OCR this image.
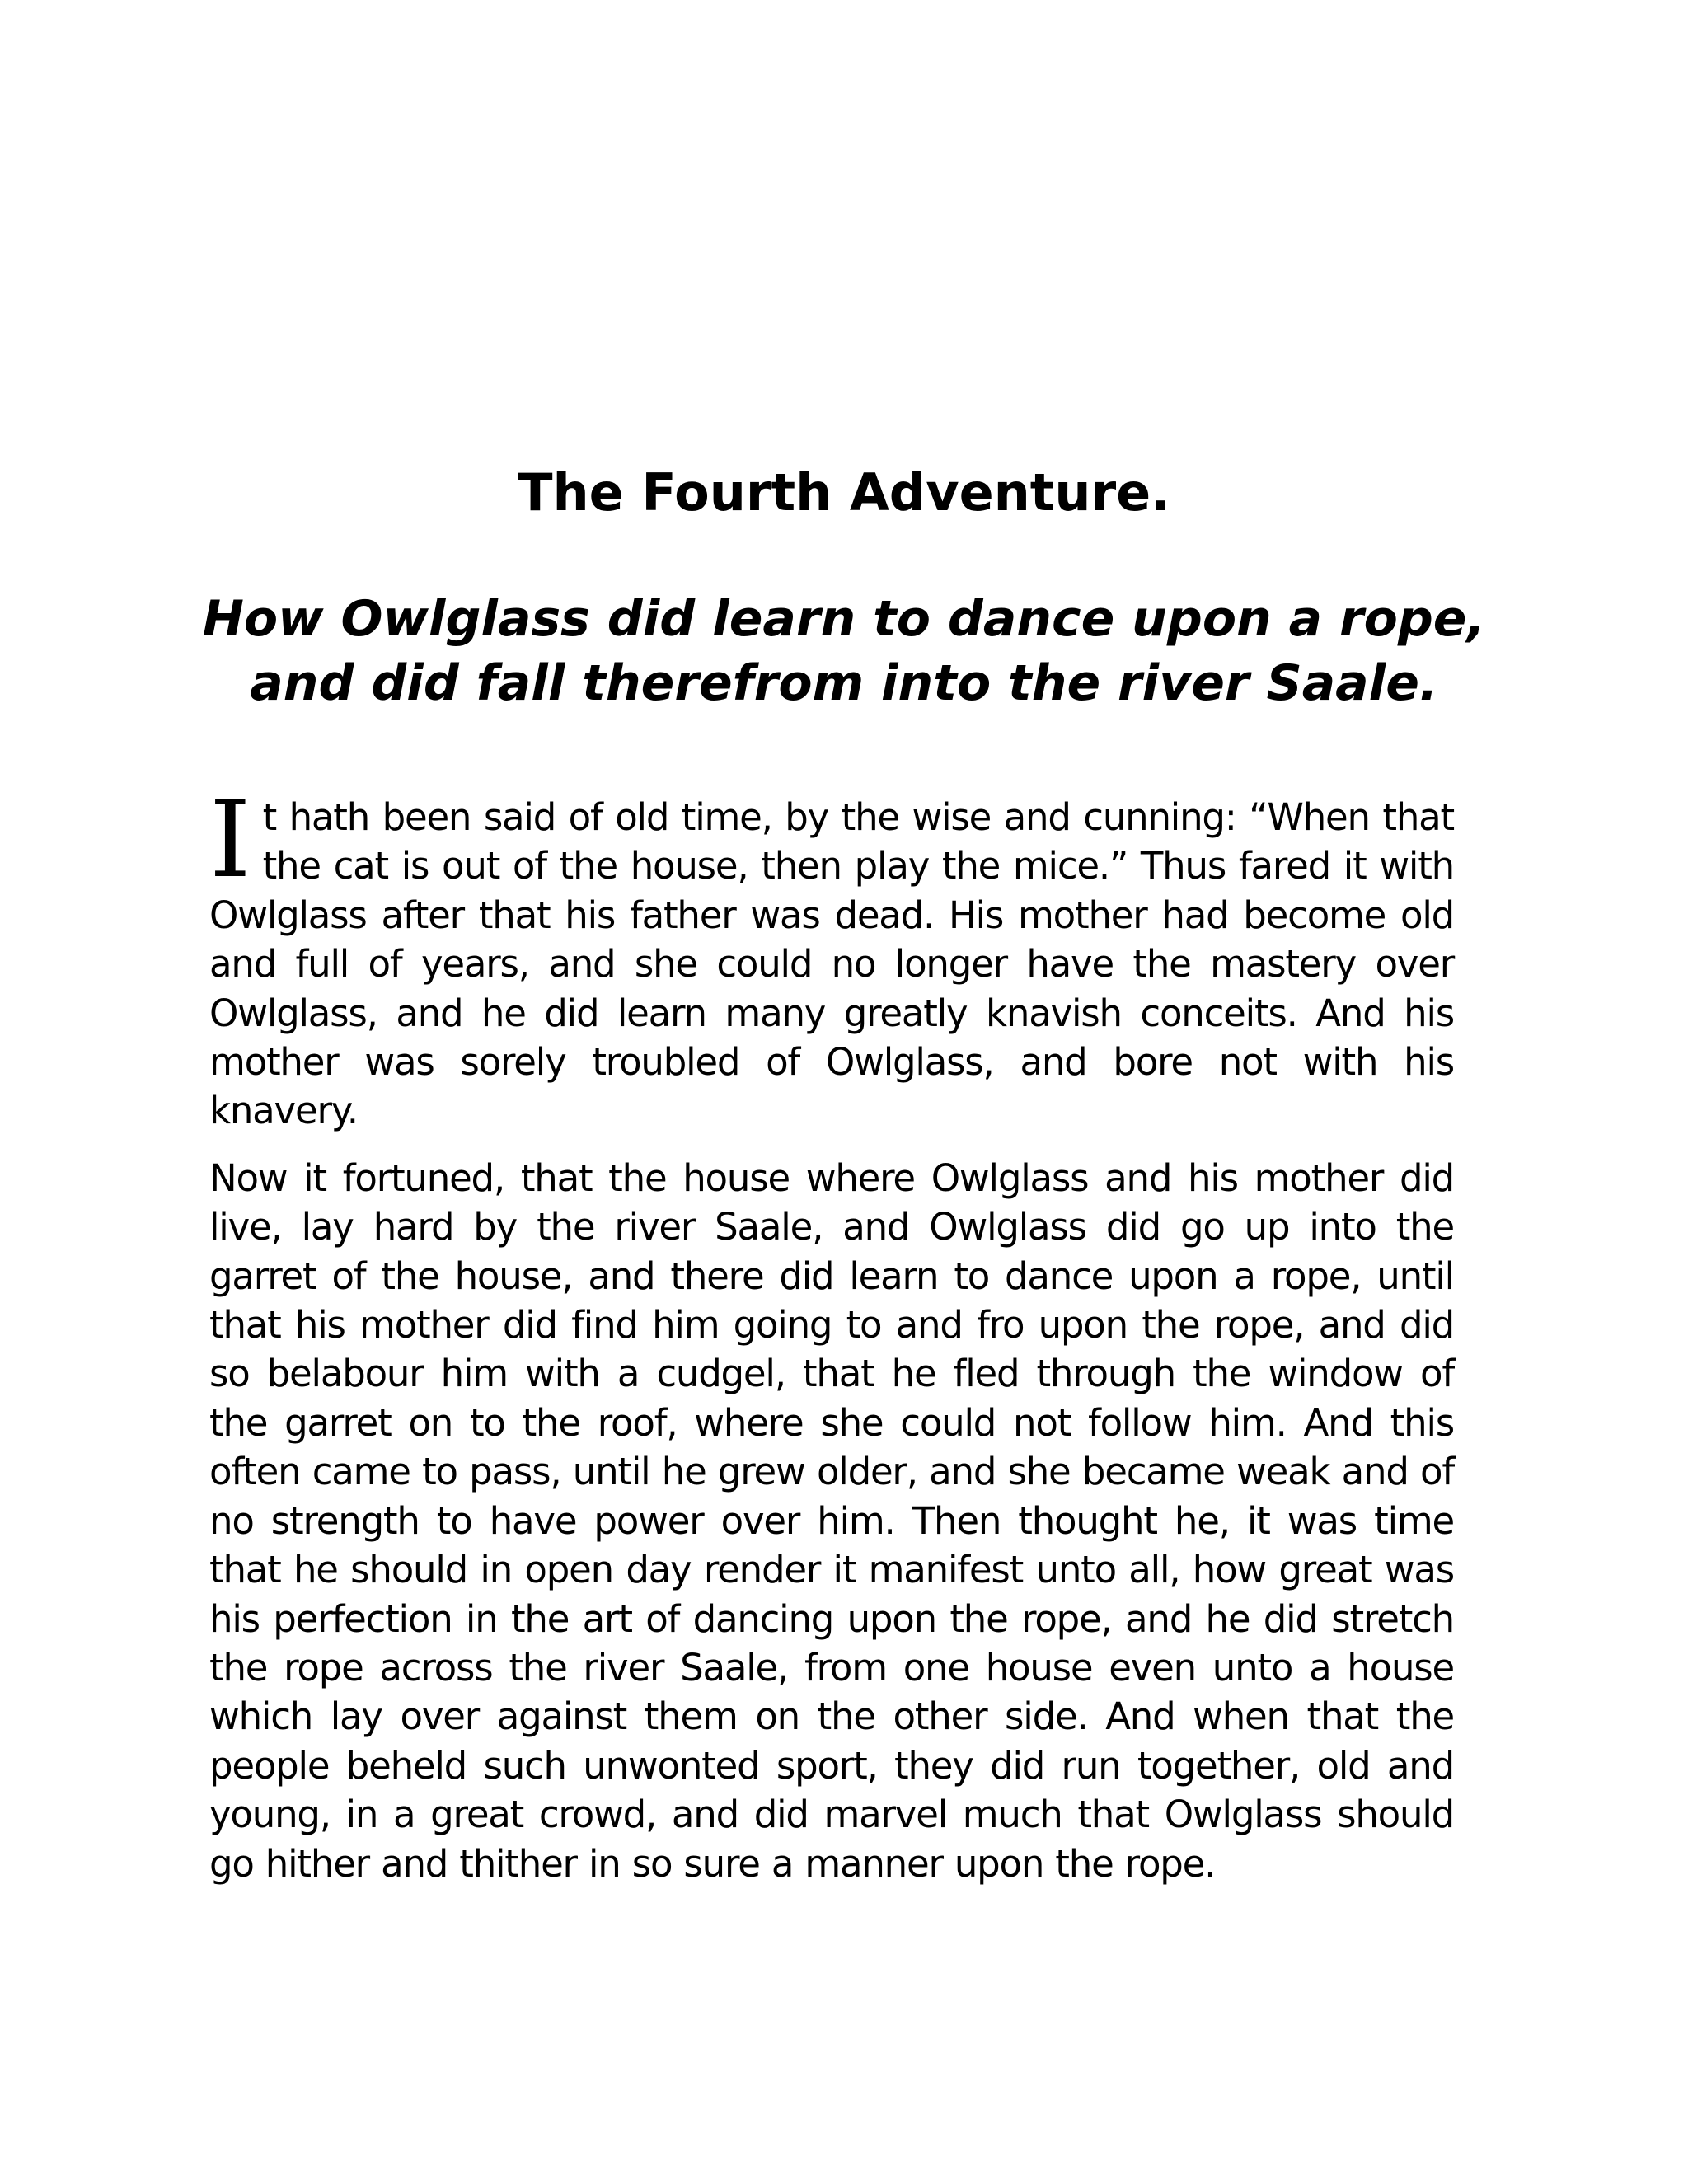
The Fourth Adventure.
How Owlglass did learn to dance upon a rope,
and did fall therefrom into the river Saale.

It hath been said of old time, by the wise and cunning: “When that the cat is out of the house, then play the mice.” Thus fared it with Owlglass after that his father was dead. His mother had become old and full of years, and she could no longer have the mastery over Owlglass, and he did learn many greatly knavish conceits. And his mother was sorely troubled of Owlglass, and bore not with his knavery.

Now it fortuned, that the house where Owlglass and his mother did live, lay hard by the river Saale, and Owlglass did go up into the garret of the house, and there did learn to dance upon a rope, until that his mother did find him going to and fro upon the rope, and did so belabour him with a cudgel, that he fled through the window of the garret on to the roof, where she could not follow him. And this often came to pass, until he grew older, and she became weak and of no strength to have power over him. Then thought he, it was time that he should in open day render it manifest unto all, how great was his perfection in the art of dancing upon the rope, and he did stretch the rope across the river Saale, from one house even unto a house which lay over against them on the other side. And when that the people beheld such unwonted sport, they did run together, old and young, in a great crowd, and did marvel much that Owlglass should go hither and thither in so sure a manner upon the rope.
